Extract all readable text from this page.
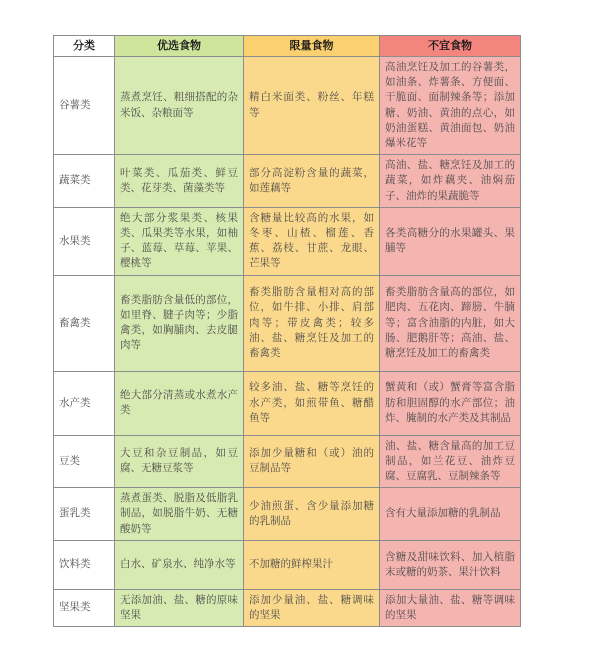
分类	优选食物	限量食物	不宜食物
谷薯类	蒸煮烹饪、粗细搭配的杂米饭、杂粮面等	精白米面类、粉丝、年糕等	高油烹饪及加工的谷薯类，如油条、炸薯条、方便面、干脆面、面制辣条等；添加糖、奶油、黄油的点心，如奶油蛋糕、黄油面包、奶油爆米花等
蔬菜类	叶菜类、瓜茄类、鲜豆类、花芽类、菌藻类等	部分高淀粉含量的蔬菜，如莲藕等	高油、盐、糖烹饪及加工的蔬菜，如炸藕夹、油焖茄子、油炸的果蔬脆等
水果类	绝大部分浆果类、核果类、瓜果类等水果，如柚子、蓝莓、草莓、苹果、樱桃等	含糖量比较高的水果，如冬枣、山楂、榴莲、香蕉、荔枝、甘蔗、龙眼、芒果等	各类高糖分的水果罐头、果脯等
畜禽类	畜类脂肪含量低的部位，如里脊、腱子肉等；少脂禽类，如胸脯肉、去皮腿肉等	畜类脂肪含量相对高的部位，如牛排、小排、肩部肉等；带皮禽类；较多油、盐、糖烹饪及加工的畜禽类	畜类脂肪含量高的部位，如肥肉、五花肉、蹄膀、牛腩等；富含油脂的内脏，如大肠、肥鹅肝等；高油、盐、糖烹饪及加工的畜禽类
水产类	绝大部分清蒸或水煮水产类	较多油、盐、糖等烹饪的水产类，如煎带鱼、糖醋鱼等	蟹黄和（或）蟹膏等富含脂肪和胆固醇的水产部位；油炸、腌制的水产类及其制品
豆类	大豆和杂豆制品，如豆腐、无糖豆浆等	添加少量糖和（或）油的豆制品等	油、盐、糖含量高的加工豆制品，如兰花豆、油炸豆腐、豆腐乳、豆制辣条等
蛋乳类	蒸煮蛋类、脱脂及低脂乳制品，如脱脂牛奶、无糖酸奶等	少油煎蛋、含少量添加糖的乳制品	含有大量添加糖的乳制品
饮料类	白水、矿泉水、纯净水等	不加糖的鲜榨果汁	含糖及甜味饮料、加入植脂末或糖的奶茶、果汁饮料
坚果类	无添加油、盐、糖的原味坚果	添加少量油、盐、糖调味的坚果	添加大量油、盐、糖等调味的坚果
